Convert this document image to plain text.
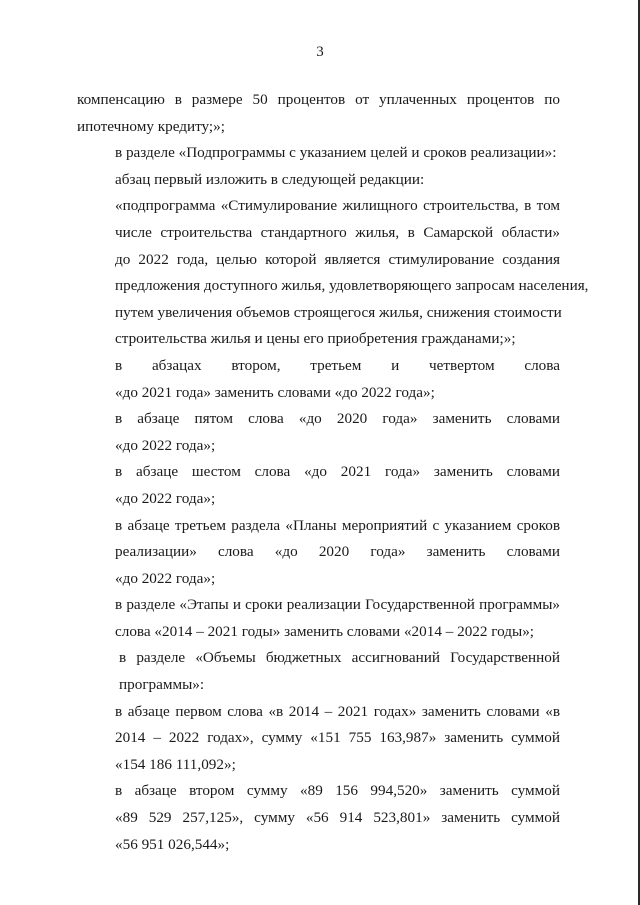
3
компенсацию в размере 50 процентов от уплаченных процентов по
ипотечному кредиту;»;
в разделе «Подпрограммы с указанием целей и сроков реализации»:
абзац первый изложить в следующей редакции:
«подпрограмма «Стимулирование жилищного строительства, в том
числе строительства стандартного жилья, в Самарской области»
до 2022 года, целью которой является стимулирование создания
предложения доступного жилья, удовлетворяющего запросам населения,
путем увеличения объемов строящегося жилья, снижения стоимости
строительства жилья и цены его приобретения гражданами;»;
в абзацах втором, третьем и четвертом слова
«до 2021 года» заменить словами «до 2022 года»;
в абзаце пятом слова «до 2020 года» заменить словами
«до 2022 года»;
в абзаце шестом слова «до 2021 года» заменить словами
«до 2022 года»;
в абзаце третьем раздела «Планы мероприятий с указанием сроков
реализации» слова «до 2020 года» заменить словами
«до 2022 года»;
в разделе «Этапы и сроки реализации Государственной программы»
слова «2014 – 2021 годы» заменить словами «2014 – 2022 годы»;
в разделе «Объемы бюджетных ассигнований Государственной
программы»:
в абзаце первом слова «в 2014 – 2021 годах» заменить словами «в
2014 – 2022 годах», сумму «151 755 163,987» заменить суммой
«154 186 111,092»;
в абзаце втором сумму «89 156 994,520» заменить суммой
«89 529 257,125», сумму «56 914 523,801» заменить суммой
«56 951 026,544»;
